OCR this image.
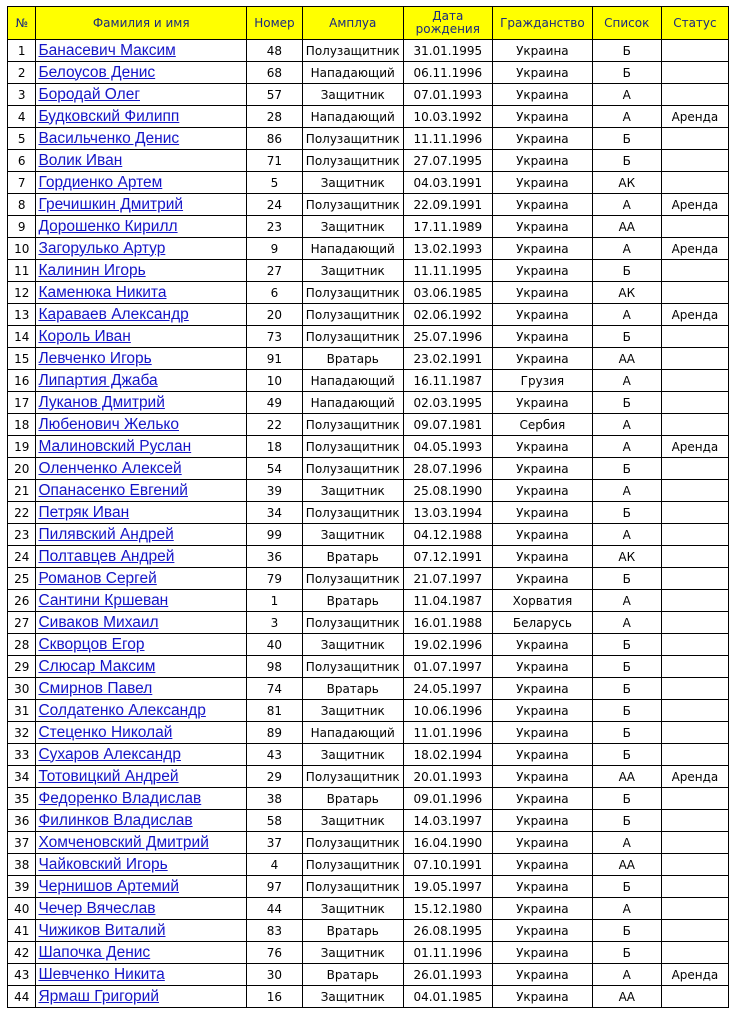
№	Фамилия и имя	Номер	Амплуа	Дата рождения	Гражданство	Список	Статус
1	Банасевич Максим	48	Полузащитник	31.01.1995	Украина	Б	
2	Белоусов Денис	68	Нападающий	06.11.1996	Украина	Б	
3	Бородай Олег	57	Защитник	07.01.1993	Украина	А	
4	Будковский Филипп	28	Нападающий	10.03.1992	Украина	А	Аренда
5	Васильченко Денис	86	Полузащитник	11.11.1996	Украина	Б	
6	Волик Иван	71	Полузащитник	27.07.1995	Украина	Б	
7	Гордиенко Артем	5	Защитник	04.03.1991	Украина	АК	
8	Гречишкин Дмитрий	24	Полузащитник	22.09.1991	Украина	А	Аренда
9	Дорошенко Кирилл	23	Защитник	17.11.1989	Украина	АА	
10	Загорулько Артур	9	Нападающий	13.02.1993	Украина	А	Аренда
11	Калинин Игорь	27	Защитник	11.11.1995	Украина	Б	
12	Каменюка Никита	6	Полузащитник	03.06.1985	Украина	АК	
13	Караваев Александр	20	Полузащитник	02.06.1992	Украина	А	Аренда
14	Король Иван	73	Полузащитник	25.07.1996	Украина	Б	
15	Левченко Игорь	91	Вратарь	23.02.1991	Украина	АА	
16	Липартия Джаба	10	Нападающий	16.11.1987	Грузия	А	
17	Луканов Дмитрий	49	Нападающий	02.03.1995	Украина	Б	
18	Любенович Желько	22	Полузащитник	09.07.1981	Сербия	А	
19	Малиновский Руслан	18	Полузащитник	04.05.1993	Украина	А	Аренда
20	Оленченко Алексей	54	Полузащитник	28.07.1996	Украина	Б	
21	Опанасенко Евгений	39	Защитник	25.08.1990	Украина	А	
22	Петряк Иван	34	Полузащитник	13.03.1994	Украина	Б	
23	Пилявский Андрей	99	Защитник	04.12.1988	Украина	А	
24	Полтавцев Андрей	36	Вратарь	07.12.1991	Украина	АК	
25	Романов Сергей	79	Полузащитник	21.07.1997	Украина	Б	
26	Сантини Кршеван	1	Вратарь	11.04.1987	Хорватия	А	
27	Сиваков Михаил	3	Полузащитник	16.01.1988	Беларусь	А	
28	Скворцов Егор	40	Защитник	19.02.1996	Украина	Б	
29	Слюсар Максим	98	Полузащитник	01.07.1997	Украина	Б	
30	Смирнов Павел	74	Вратарь	24.05.1997	Украина	Б	
31	Солдатенко Александр	81	Защитник	10.06.1996	Украина	Б	
32	Стеценко Николай	89	Нападающий	11.01.1996	Украина	Б	
33	Сухаров Александр	43	Защитник	18.02.1994	Украина	Б	
34	Тотовицкий Андрей	29	Полузащитник	20.01.1993	Украина	АА	Аренда
35	Федоренко Владислав	38	Вратарь	09.01.1996	Украина	Б	
36	Филинков Владислав	58	Защитник	14.03.1997	Украина	Б	
37	Хомченовский Дмитрий	37	Полузащитник	16.04.1990	Украина	А	
38	Чайковский Игорь	4	Полузащитник	07.10.1991	Украина	АА	
39	Чернишов Артемий	97	Полузащитник	19.05.1997	Украина	Б	
40	Чечер Вячеслав	44	Защитник	15.12.1980	Украина	А	
41	Чижиков Виталий	83	Вратарь	26.08.1995	Украина	Б	
42	Шапочка Денис	76	Защитник	01.11.1996	Украина	Б	
43	Шевченко Никита	30	Вратарь	26.01.1993	Украина	А	Аренда
44	Ярмаш Григорий	16	Защитник	04.01.1985	Украина	АА	
